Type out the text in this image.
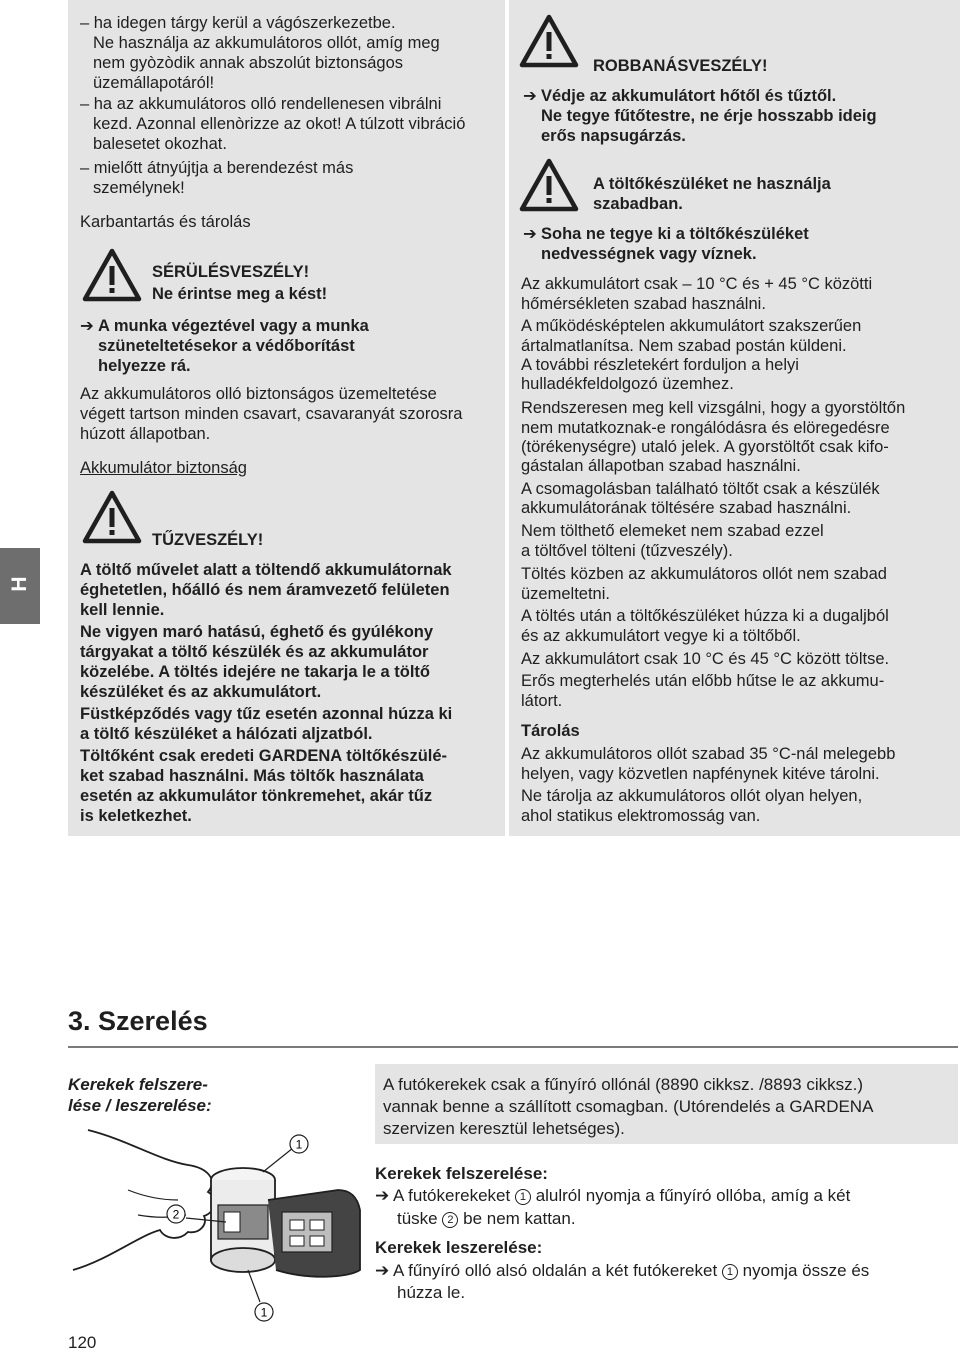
H
– ha idegen tárgy kerül a vágószerkezetbe.
Ne használja az akkumulátoros ollót, amíg meg
nem gyòzòdik annak abszolút biztonságos
üzemállapotáról!
– ha az akkumulátoros olló rendellenesen vibrálni
kezd. Azonnal ellenòrizze az okot! A túlzott vibráció
balesetet okozhat.
– mielőtt átnyújtja a berendezést más
személynek!
Karbantartás és tárolás
SÉRÜLÉSVESZÉLY!
Ne érintse meg a kést!
➔ A munka végeztével vagy a munka
szüneteltetésekor a védőborítást
helyezze rá.
Az akkumulátoros olló biztonságos üzemeltetése
végett tartson minden csavart, csavaranyát szorosra
húzott állapotban.
Akkumulátor biztonság
TŰZVESZÉLY!
A töltő művelet alatt a töltendő akkumulátornak
éghetetlen, hőálló és nem áramvezető felületen
kell lennie.
Ne vigyen maró hatású, éghető és gyúlékony
tárgyakat a töltő készülék és az akkumulátor
közelébe. A töltés idejére ne takarja le a töltő
készüléket és az akkumulátort.
Füstképződés vagy tűz esetén azonnal húzza ki
a töltő készüléket a hálózati aljzatból.
Töltőként csak eredeti GARDENA töltőkészülé-
ket szabad használni. Más töltők használata
esetén az akkumulátor tönkremehet, akár tűz
is keletkezhet.
ROBBANÁSVESZÉLY!
➔ Védje az akkumulátort hőtől és tűztől.
Ne tegye fűtőtestre, ne érje hosszabb ideig
erős napsugárzás.
A töltőkészüléket ne használja
szabadban.
➔ Soha ne tegye ki a töltőkészüléket
nedvességnek vagy víznek.
Az akkumulátort csak – 10 °C és + 45 °C közötti
hőmérsékleten szabad használni.
A működésképtelen akkumulátort szakszerűen
ártalmatlanítsa. Nem szabad postán küldeni.
A további részletekért forduljon a helyi
hulladékfeldolgozó üzemhez.
Rendszeresen meg kell vizsgálni, hogy a gyorstöltőn
nem mutatkoznak-e rongálódásra és elöregedésre
(törékenységre) utaló jelek. A gyorstöltőt csak kifo-
gástalan állapotban szabad használni.
A csomagolásban található töltőt csak a készülék
akkumulátorának töltésére szabad használni.
Nem tölthető elemeket nem szabad ezzel
a töltővel tölteni (tűzveszély).
Töltés közben az akkumulátoros ollót nem szabad
üzemeltetni.
A töltés után a töltőkészüléket húzza ki a dugaljból
és az akkumulátort vegye ki a töltőből.
Az akkumulátort csak 10 °C és 45 °C között töltse.
Erős megterhelés után előbb hűtse le az akkumu-
látort.
Tárolás
Az akkumulátoros ollót szabad 35 °C-nál melegebb
helyen, vagy közvetlen napfénynek kitéve tárolni.
Ne tárolja az akkumulátoros ollót olyan helyen,
ahol statikus elektromosság van.
3. Szerelés
Kerekek felszere-
lése / leszerelése:
A futókerekek csak a fűnyíró ollónál (8890 cikksz. /8893 cikksz.)
vannak benne a szállított csomagban. (Utórendelés a GARDENA
szervizen keresztül lehetséges).
1
2
1
Kerekek felszerelése:
➔ A futókerekeket 1 alulról nyomja a fűnyíró ollóba, amíg a két
tüske 2 be nem kattan.
Kerekek leszerelése:
➔ A fűnyíró olló alsó oldalán a két futókereket 1 nyomja össze és
húzza le.
120
